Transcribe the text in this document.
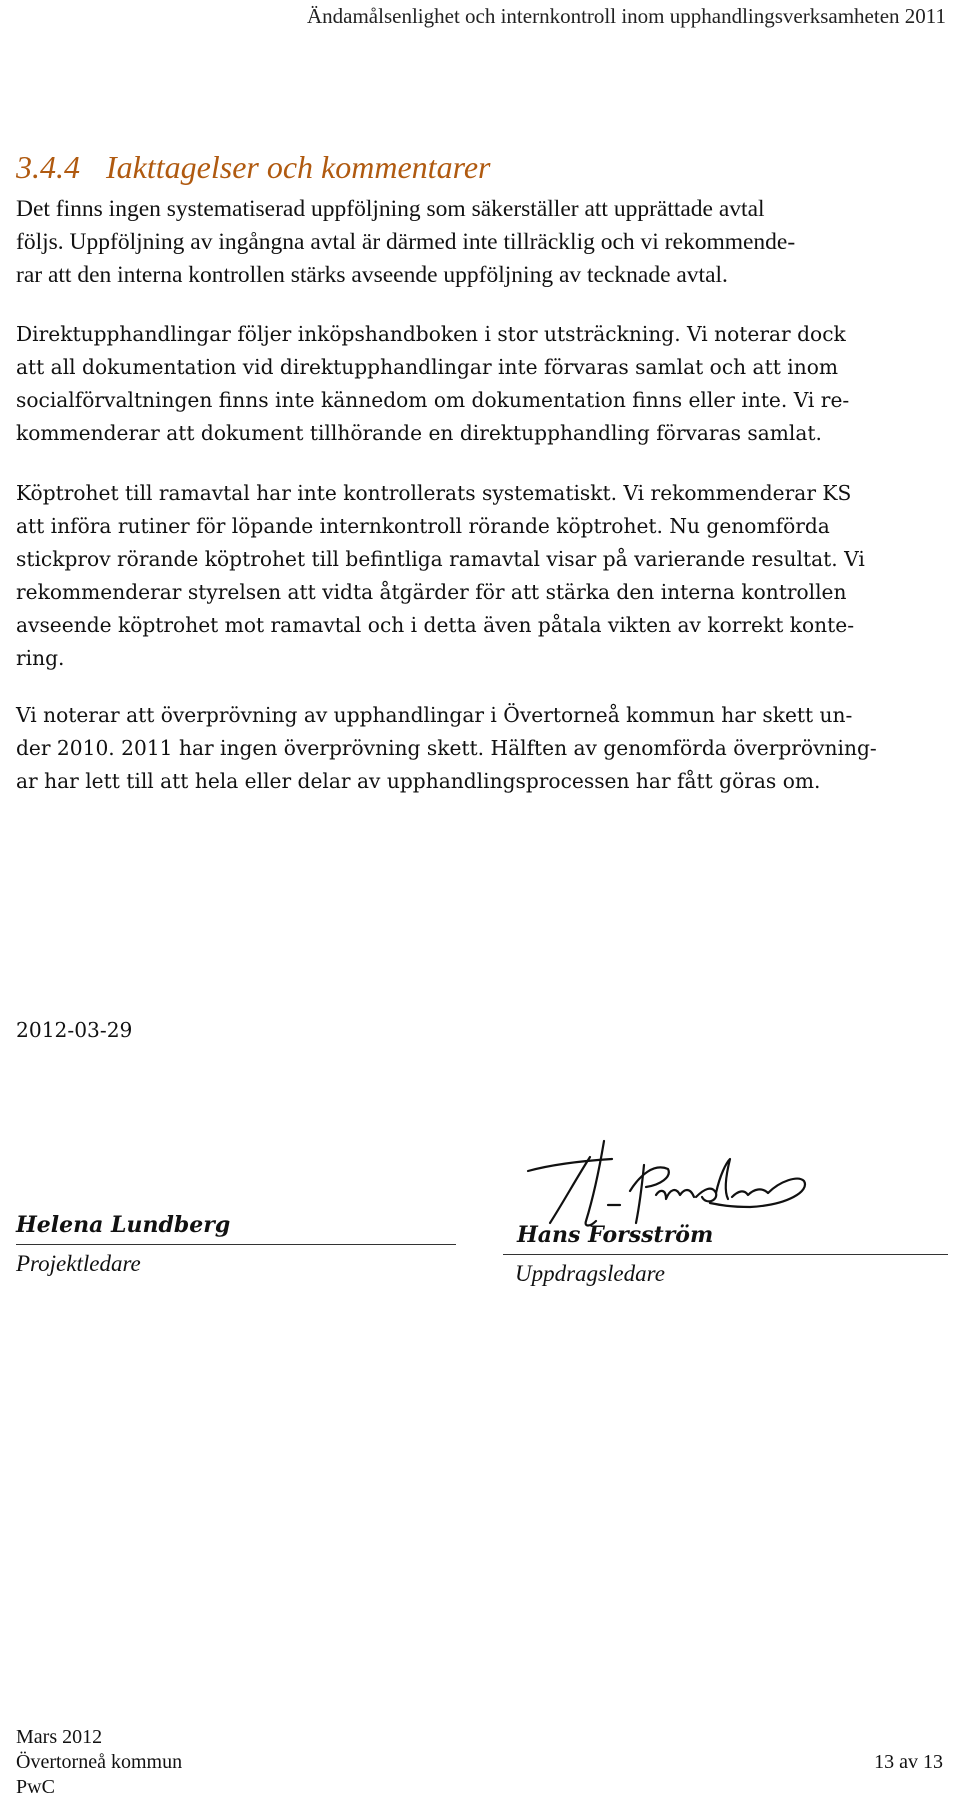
Ändamålsenlighet och internkontroll inom upphandlingsverksamheten 2011
3.4.4 Iakttagelser och kommentarer
Det finns ingen systematiserad uppföljning som säkerställer att upprättade avtal
följs. Uppföljning av ingångna avtal är därmed inte tillräcklig och vi rekommende-
rar att den interna kontrollen stärks avseende uppföljning av tecknade avtal.
Direktupphandlingar följer inköpshandboken i stor utsträckning. Vi noterar dock
att all dokumentation vid direktupphandlingar inte förvaras samlat och att inom
socialförvaltningen finns inte kännedom om dokumentation finns eller inte. Vi re-
kommenderar att dokument tillhörande en direktupphandling förvaras samlat.
Köptrohet till ramavtal har inte kontrollerats systematiskt. Vi rekommenderar KS
att införa rutiner för löpande internkontroll rörande köptrohet. Nu genomförda
stickprov rörande köptrohet till befintliga ramavtal visar på varierande resultat. Vi
rekommenderar styrelsen att vidta åtgärder för att stärka den interna kontrollen
avseende köptrohet mot ramavtal och i detta även påtala vikten av korrekt konte-
ring.
Vi noterar att överprövning av upphandlingar i Övertorneå kommun har skett un-
der 2010. 2011 har ingen överprövning skett. Hälften av genomförda överprövning-
ar har lett till att hela eller delar av upphandlingsprocessen har fått göras om.
2012-03-29
Helena Lundberg
Projektledare
Hans Forsström
Uppdragsledare
Mars 2012
Övertorneå kommun
PwC
13 av 13
